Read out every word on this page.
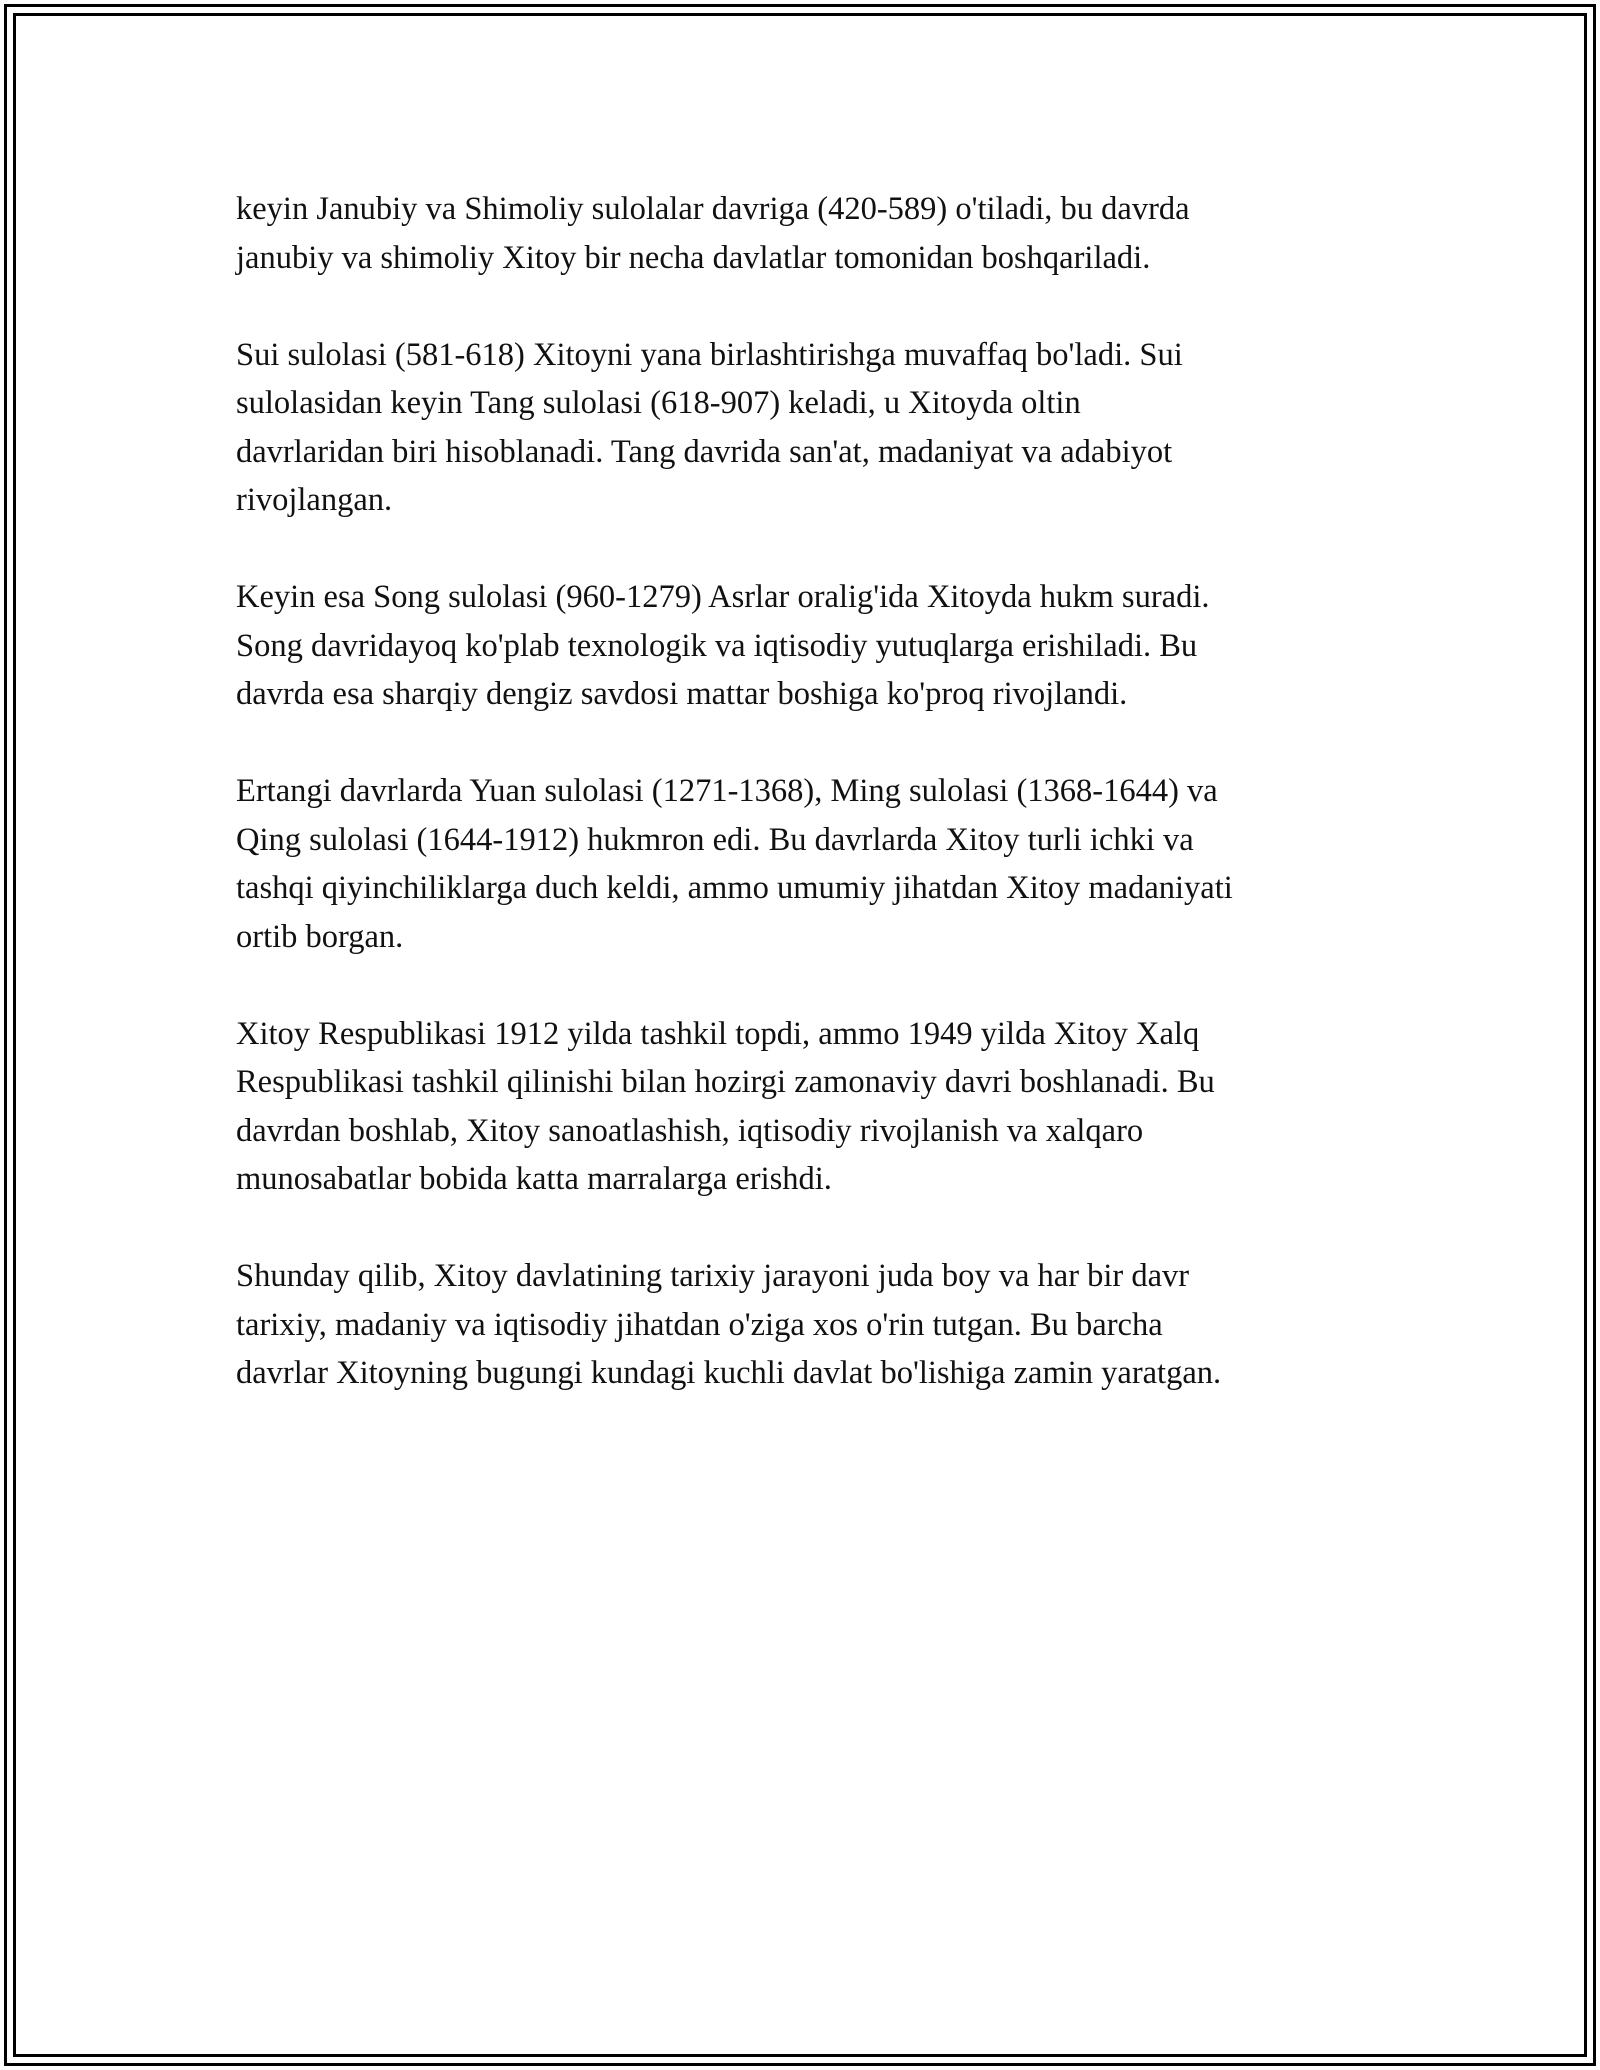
keyin Janubiy va Shimoliy sulolalar davriga (420-589) o'tiladi, bu davrda
janubiy va shimoliy Xitoy bir necha davlatlar tomonidan boshqariladi.

Sui sulolasi (581-618) Xitoyni yana birlashtirishga muvaffaq bo'ladi. Sui
sulolasidan keyin Tang sulolasi (618-907) keladi, u Xitoyda oltin
davrlaridan biri hisoblanadi. Tang davrida san'at, madaniyat va adabiyot
rivojlangan.

Keyin esa Song sulolasi (960-1279) Asrlar oralig'ida Xitoyda hukm suradi.
Song davridayoq ko'plab texnologik va iqtisodiy yutuqlarga erishiladi. Bu
davrda esa sharqiy dengiz savdosi mattar boshiga ko'proq rivojlandi.

Ertangi davrlarda Yuan sulolasi (1271-1368), Ming sulolasi (1368-1644) va
Qing sulolasi (1644-1912) hukmron edi. Bu davrlarda Xitoy turli ichki va
tashqi qiyinchiliklarga duch keldi, ammo umumiy jihatdan Xitoy madaniyati
ortib borgan.

Xitoy Respublikasi 1912 yilda tashkil topdi, ammo 1949 yilda Xitoy Xalq
Respublikasi tashkil qilinishi bilan hozirgi zamonaviy davri boshlanadi. Bu
davrdan boshlab, Xitoy sanoatlashish, iqtisodiy rivojlanish va xalqaro
munosabatlar bobida katta marralarga erishdi.

Shunday qilib, Xitoy davlatining tarixiy jarayoni juda boy va har bir davr
tarixiy, madaniy va iqtisodiy jihatdan o'ziga xos o'rin tutgan. Bu barcha
davrlar Xitoyning bugungi kundagi kuchli davlat bo'lishiga zamin yaratgan.
